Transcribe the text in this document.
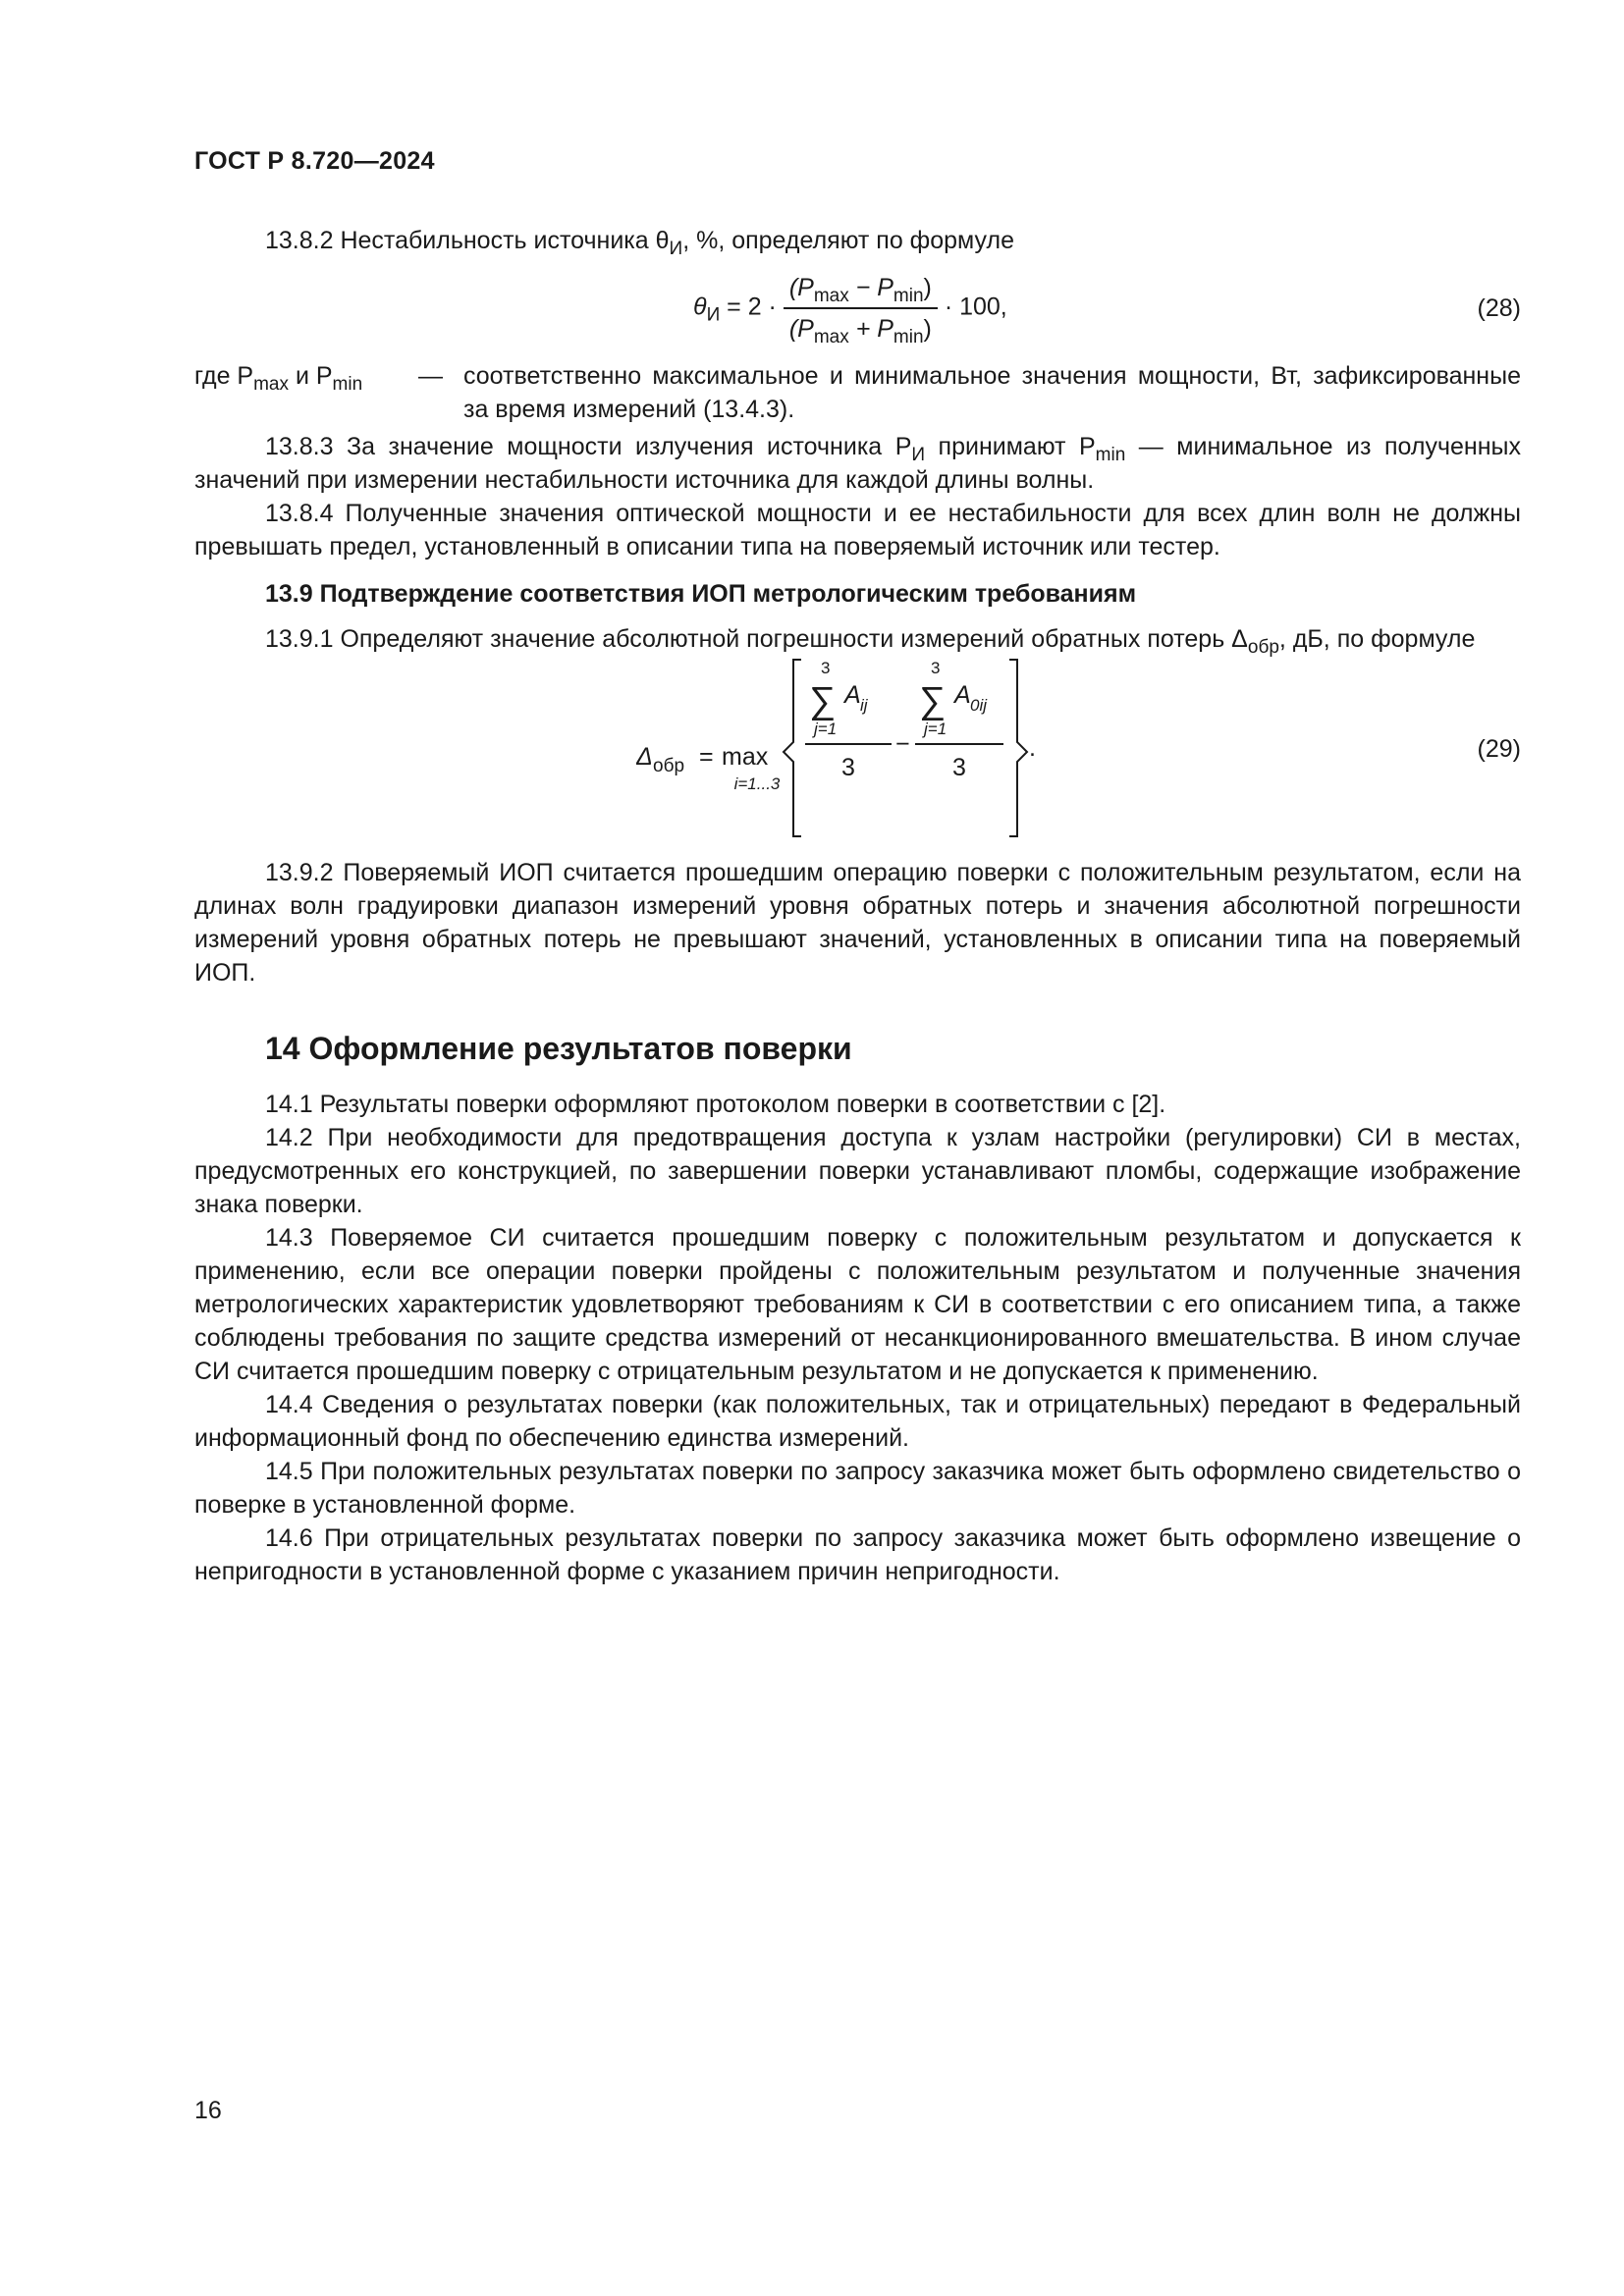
ГОСТ Р 8.720—2024

13.8.2 Нестабильность источника $\theta_И$, %, определяют по формуле

$\theta_И = 2 \cdot \frac{(P_{max} - P_{min})}{(P_{max} + P_{min})} \cdot 100$,	(28)
где $P_{max}$ и $P_{min}$	— соответственно максимальное и минимальное значения мощности, Вт, зафиксированные за время измерений (13.4.3).

13.8.3 За значение мощности излучения источника $P_И$ принимают $P_{min}$ — минимальное из полученных значений при измерении нестабильности источника для каждой длины волны.

13.8.4 Полученные значения оптической мощности и ее нестабильности для всех длин волн не должны превышать предел, установленный в описании типа на поверяемый источник или тестер.

13.9 Подтверждение соответствия ИОП метрологическим требованиям

13.9.1 Определяют значение абсолютной погрешности измерений обратных потерь $\Delta_{обр}$, дБ, по формуле

Δ обр = max
i=1...3
3
∑
j=1
A ij
3
−
3
∑
j=1
A 0ij
3
.	(29)

13.9.2 Поверяемый ИОП считается прошедшим операцию поверки с положительным результатом, если на длинах волн градуировки диапазон измерений уровня обратных потерь и значения абсолютной погрешности измерений уровня обратных потерь не превышают значений, установленных в описании типа на поверяемый ИОП.

14 Оформление результатов поверки

14.1 Результаты поверки оформляют протоколом поверки в соответствии с [2].

14.2 При необходимости для предотвращения доступа к узлам настройки (регулировки) СИ в местах, предусмотренных его конструкцией, по завершении поверки устанавливают пломбы, содержащие изображение знака поверки.

14.3 Поверяемое СИ считается прошедшим поверку с положительным результатом и допускается к применению, если все операции поверки пройдены с положительным результатом и полученные значения метрологических характеристик удовлетворяют требованиям к СИ в соответствии с его описанием типа, а также соблюдены требования по защите средства измерений от несанкционированного вмешательства. В ином случае СИ считается прошедшим поверку с отрицательным результатом и не допускается к применению.

14.4 Сведения о результатах поверки (как положительных, так и отрицательных) передают в Федеральный информационный фонд по обеспечению единства измерений.

14.5 При положительных результатах поверки по запросу заказчика может быть оформлено свидетельство о поверке в установленной форме.

14.6 При отрицательных результатах поверки по запросу заказчика может быть оформлено извещение о непригодности в установленной форме с указанием причин непригодности.

16
